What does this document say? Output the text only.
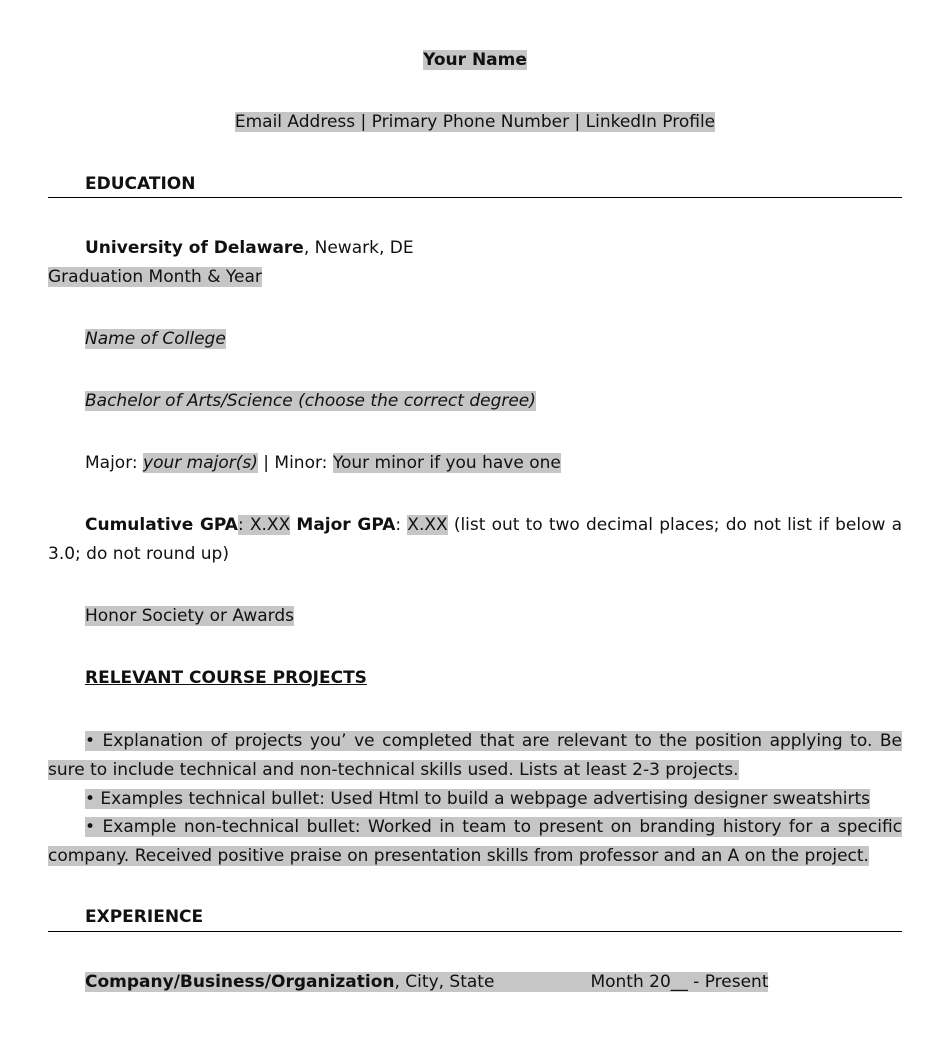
Your Name
Email Address | Primary Phone Number | LinkedIn Profile
EDUCATION
University of Delaware, Newark, DE
Graduation Month & Year
Name of College
Bachelor of Arts/Science (choose the correct degree)
Major: your major(s) | Minor: Your minor if you have one
Cumulative GPA: X.XX Major GPA: X.XX (list out to two decimal places; do not list if below a 3.0; do not round up)
Honor Society or Awards
RELEVANT COURSE PROJECTS
• Explanation of projects you’ ve completed that are relevant to the position applying to. Be sure to include technical and non-technical skills used. Lists at least 2-3 projects.
• Examples technical bullet: Used Html to build a webpage advertising designer sweatshirts
• Example non-technical bullet: Worked in team to present on branding history for a specific company. Received positive praise on presentation skills from professor and an A on the project.
EXPERIENCE
Company/Business/Organization, City, State	Month 20__ - Present
